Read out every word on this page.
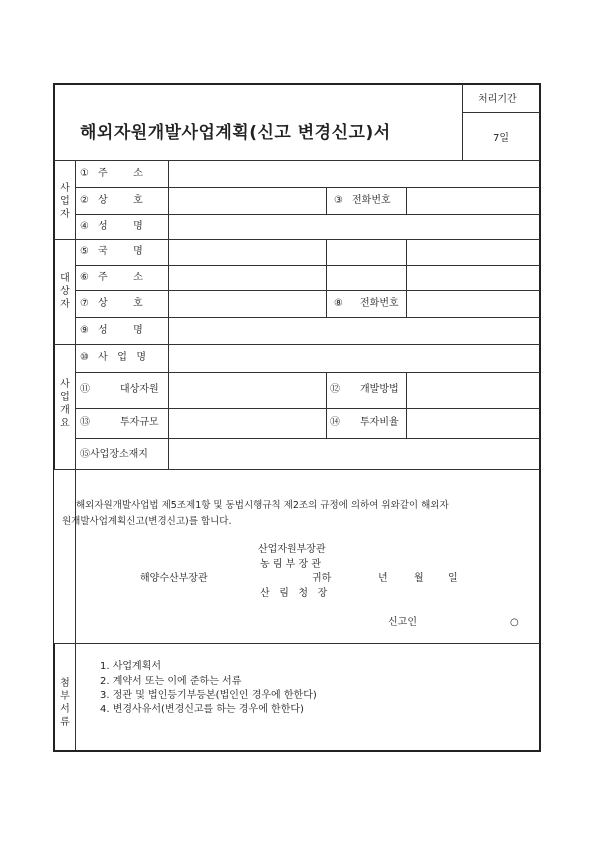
해외자원개발사업계획(신고 변경신고)서
처리기간
7일
사
업
자
① 주        소
② 상        호	③ 전화번호
④ 성        명
대
상
자
⑤ 국        명
⑥ 주        소
⑦ 상        호	⑧ 전화번호
⑨ 성        명
사
업
개
요
⑩ 사   업   명
⑪	대상자원	⑫ 개발방법
⑬	투자규모	⑭ 투자비율
⑮ 사업장소재지
해외자원개발사업법 제5조제1항 및 동법시행규칙 제2조의 규정에 의하여 위와같이 해외자
원개발사업계획신고(변경신고)를 합니다.
산업자원부장관
농 림 부 장 관
해양수산부장관	귀하
산   림   청   장
년	월 일
신고인	○
첨
부
서
류
1. 사업계획서
2. 계약서 또는 이에 준하는 서류
3. 정관 및 법인등기부등본(법인인 경우에 한한다)
4. 변경사유서(변경신고를 하는 경우에 한한다)
